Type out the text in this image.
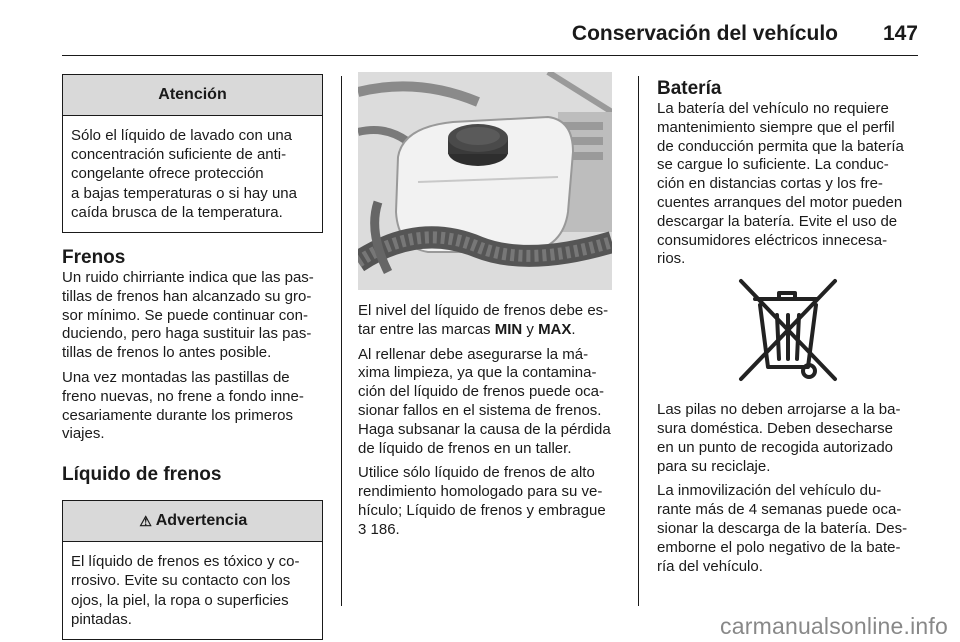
Conservación del vehículo 147
Atención
Sólo el líquido de lavado con una
concentración suficiente de anti-
congelante ofrece protección
a bajas temperaturas o si hay una
caída brusca de la temperatura.
Frenos

Un ruido chirriante indica que las pas-
tillas de frenos han alcanzado su gro-
sor mínimo. Se puede continuar con-
duciendo, pero haga sustituir las pas-
tillas de frenos lo antes posible.

Una vez montadas las pastillas de
freno nuevas, no frene a fondo inne-
cesariamente durante los primeros
viajes.

Líquido de frenos
⚠ Advertencia
El líquido de frenos es tóxico y co-
rrosivo. Evite su contacto con los
ojos, la piel, la ropa o superficies
pintadas.

El nivel del líquido de frenos debe es-
tar entre las marcas MIN y MAX.

Al rellenar debe asegurarse la má-
xima limpieza, ya que la contamina-
ción del líquido de frenos puede oca-
sionar fallos en el sistema de frenos.
Haga subsanar la causa de la pérdida
de líquido de frenos en un taller.

Utilice sólo líquido de frenos de alto
rendimiento homologado para su ve-
hículo; Líquido de frenos y embrague
3 186.

Batería

La batería del vehículo no requiere
mantenimiento siempre que el perfil
de conducción permita que la batería
se cargue lo suficiente. La conduc-
ción en distancias cortas y los fre-
cuentes arranques del motor pueden
descargar la batería. Evite el uso de
consumidores eléctricos innecesa-
rios.

Las pilas no deben arrojarse a la ba-
sura doméstica. Deben desecharse
en un punto de recogida autorizado
para su reciclaje.

La inmovilización del vehículo du-
rante más de 4 semanas puede oca-
sionar la descarga de la batería. Des-
emborne el polo negativo de la bate-
ría del vehículo.

carmanualsonline.info
